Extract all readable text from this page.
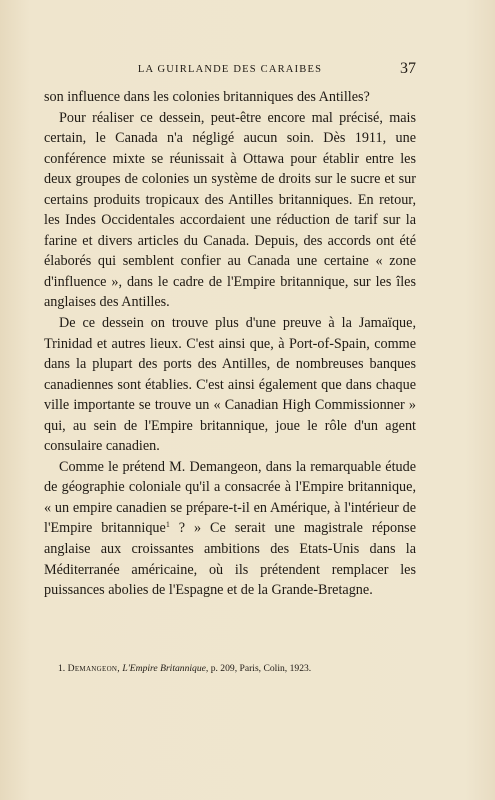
LA GUIRLANDE DES CARAIBES	37

son influence dans les colonies britanniques des Antilles?

Pour réaliser ce dessein, peut-être encore mal précisé, mais certain, le Canada n'a négligé aucun soin. Dès 1911, une conférence mixte se réunissait à Ottawa pour établir entre les deux groupes de colonies un système de droits sur le sucre et sur certains produits tropicaux des Antilles britanniques. En retour, les Indes Occidentales accordaient une réduction de tarif sur la farine et divers articles du Canada. Depuis, des accords ont été élaborés qui semblent confier au Canada une certaine « zone d'influence », dans le cadre de l'Empire britannique, sur les îles anglaises des Antilles.

De ce dessein on trouve plus d'une preuve à la Jamaïque, Trinidad et autres lieux. C'est ainsi que, à Port-of-Spain, comme dans la plupart des ports des Antilles, de nombreuses banques canadiennes sont établies. C'est ainsi également que dans chaque ville importante se trouve un « Canadian High Commissionner » qui, au sein de l'Empire britannique, joue le rôle d'un agent consulaire canadien.

Comme le prétend M. Demangeon, dans la remarquable étude de géographie coloniale qu'il a consacrée à l'Empire britannique, « un empire canadien se prépare-t-il en Amérique, à l'intérieur de l'Empire britannique$^1$ ? » Ce serait une magistrale réponse anglaise aux croissantes ambitions des Etats-Unis dans la Méditerranée américaine, où ils prétendent remplacer les puissances abolies de l'Espagne et de la Grande-Bretagne.

1. Demangeon, L'Empire Britannique, p. 209, Paris, Colin, 1923.
